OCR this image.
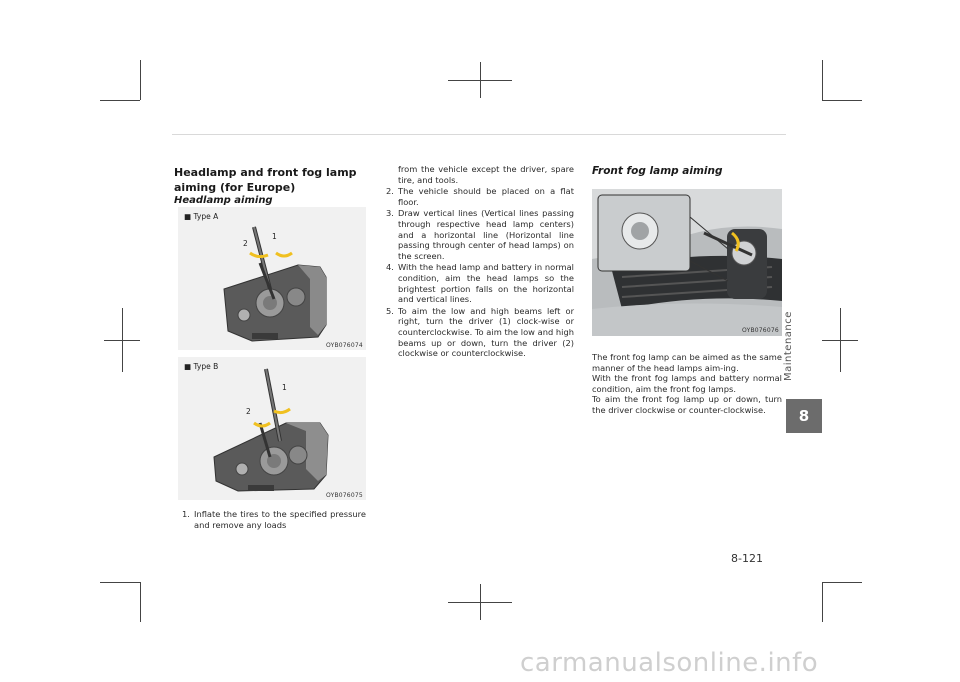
Headlamp and front fog lamp
aiming (for Europe)
Headlamp aiming
■ Type A
2
1
OYB076074
■ Type B
2
1
OYB076075
1. Inflate the tires to the specified pressure and remove any loads
from the vehicle except the driver, spare tire, and tools.
2. The vehicle should be placed on a flat floor.
3. Draw vertical lines (Vertical lines passing through respective head lamp centers) and a horizontal line (Horizontal line passing through center of head lamps) on the screen.
4. With the head lamp and battery in normal condition, aim the head lamps so the brightest portion falls on the horizontal and vertical lines.
5. To aim the low and high beams left or right, turn the driver (1) clock-wise or counterclockwise. To aim the low and high beams up or down, turn the driver (2) clockwise or counterclockwise.
Front fog lamp aiming
OYB076076

The front fog lamp can be aimed as the same manner of the head lamps aim-ing.

With the front fog lamps and battery normal condition, aim the front fog lamps.

To aim the front fog lamp up or down, turn the driver clockwise or counter-clockwise.

Maintenance
8
8-121
carmanualsonline.info
